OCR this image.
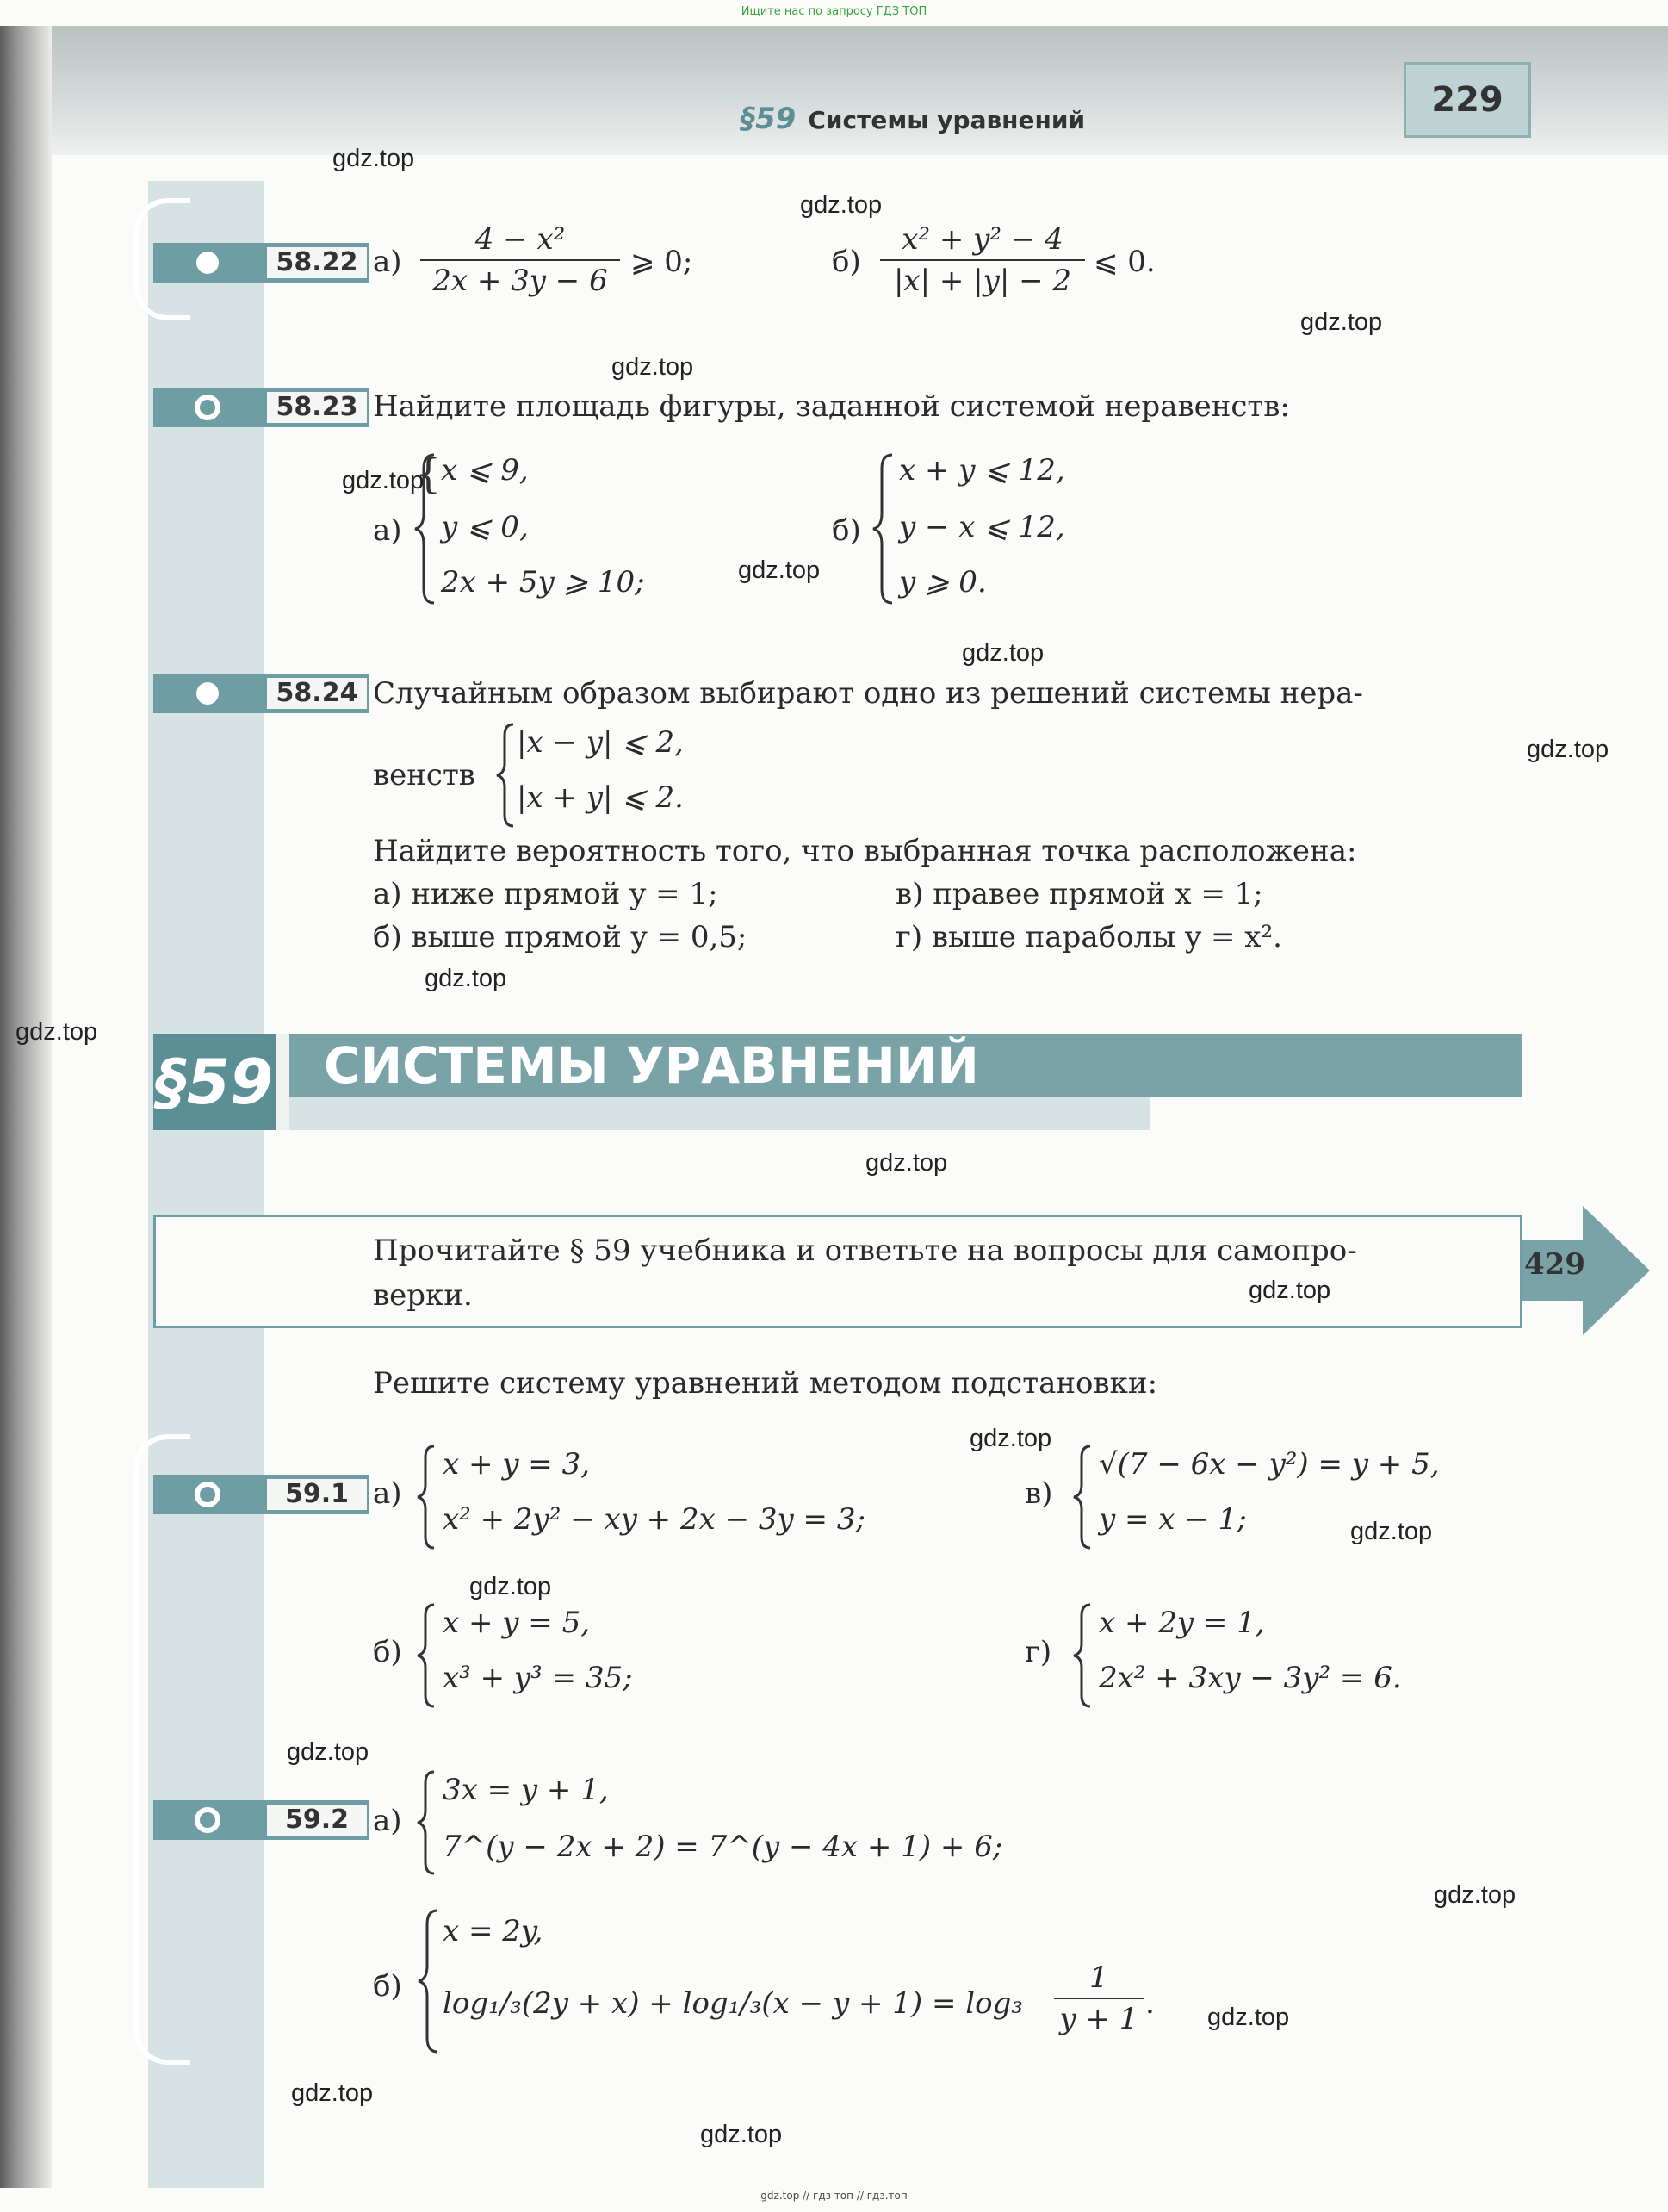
Ищите нас по запросу ГДЗ ТОП
§59 Системы уравнений
229
58.22 а)
4 − x²
2x + 3y − 6
⩾ 0;	б)
x² + y² − 4
|x| + |y| − 2
⩽ 0.
58.23 Найдите площадь фигуры, заданной системой неравенств:
а)
{ x ⩽ 9,
y ⩽ 0,
2x + 5y ⩾ 10;
б)
x + y ⩽ 12,
y − x ⩽ 12,
y ⩾ 0.
58.24 Случайным образом выбирают одно из решений системы нера-
венств
|x − y| ⩽ 2,
|x + y| ⩽ 2.
Найдите вероятность того, что выбранная точка расположена:
а) ниже прямой y = 1;	в) правее прямой x = 1;
б) выше прямой y = 0,5;	г) выше параболы y = x².
§59	СИСТЕМЫ УРАВНЕНИЙ
Прочитайте § 59 учебника и ответьте на вопросы для самопро-
верки.
429
Решите систему уравнений методом подстановки:
59.1 а)
x + y = 3,
x² + 2y² − xy + 2x − 3y = 3;
в)
√(7 − 6x − y²) = y + 5,
y = x − 1;
б)
x + y = 5,
x³ + y³ = 35;
г)
x + 2y = 1,
2x² + 3xy − 3y² = 6.
59.2 а)
3x = y + 1,
7^(y − 2x + 2) = 7^(y − 4x + 1) + 6;
б)
x = 2y,
log₁/₃(2y + x) + log₁/₃(x − y + 1) = log₃
1
y + 1 .
gdz.top
gdz.top
gdz.top
gdz.top
gdz.top
gdz.top
gdz.top
gdz.top
gdz.top
gdz.top
gdz.top
gdz.top
gdz.top
gdz.top
gdz.top
gdz.top
gdz.top
gdz.top
gdz.top
gdz.top
gdz.top // гдз топ // гдз.топ
